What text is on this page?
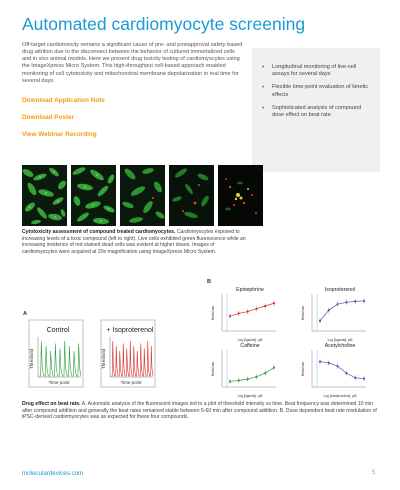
Automated cardiomyocyte screening

Off-target cardiotoxicity remains a significant cause of pre- and postapproval safety-based drug attrition due to the disconnect between the behavior of cultured immortalized cells and in vivo animal models. Here we present drug toxicity testing of cardiomyocytes using the ImageXpress Micro System. This high-throughput cell-based approach enabled monitoring of cell cytotoxicity and mitochondrial membrane depolarization in real time for several days.

Download Application Note
Download Poster
View Webinar Recording
• Longitudinal monitoring of live-cell assays for several days
• Flexible time-point evaluation of kinetic effects
• Sophisticated analysis of compound dose effect on beat rate

Cytotoxicity assessment of compound treated cardiomyocytes. Cardiomyocytes exposed to increasing levels of a toxic compound (left to right). Live cells exhibited green fluorescence while an increasing incidence of red stained dead cells was evident at higher doses. Images of cardiomyocytes were acquired at 20x magnification using ImageXpress Micro System.

A
B
Control
Threshold
Time point
+ Isoproterenol
Threshold
Time point
Epinephrine
Beats/min
Log [Agonist], μM
Isoproterenol
Beats/min
Log [Agonist], μM
Caffeine
Beats/min
Log [Agonist], μM
Acetylcholine
Beats/min
Log [Acetylcholine], μM

Drug effect on beat rate. A. Automatic analysis of the fluorescent images led to a plot of threshold intensity vs time. Beat frequency was determined 10 min after compound addition and generally the beat rates remained stable between 5-60 min after compound addition. B. Dose dependent beat rate modulation of iPSC-derived cardiomyocytes was as expected for these four compounds.

moleculardevices.com	5
